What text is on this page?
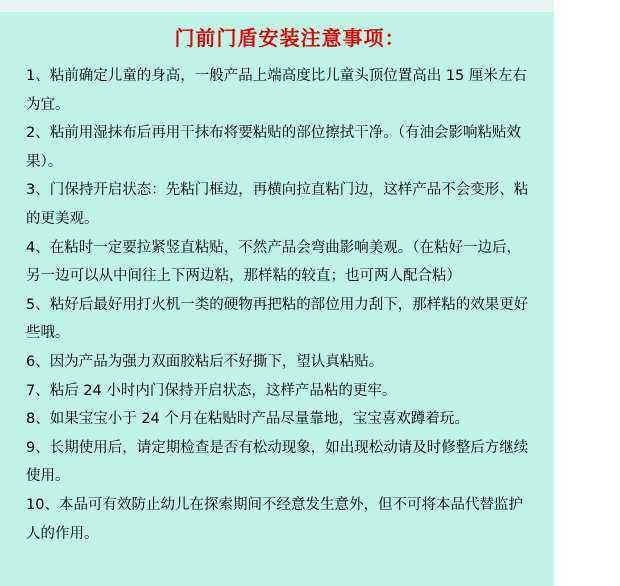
门前门盾安装注意事项：
1、粘前确定儿童的身高，一般产品上端高度比儿童头顶位置高出 15 厘米左右为宜。
2、粘前用湿抹布后再用干抹布将要粘贴的部位擦拭干净。（有油会影响粘贴效果）。
3、门保持开启状态：先粘门框边，再横向拉直粘门边，这样产品不会变形、粘的更美观。
4、在粘时一定要拉紧竖直粘贴，不然产品会弯曲影响美观。（在粘好一边后，另一边可以从中间往上下两边粘，那样粘的较直；也可两人配合粘）
5、粘好后最好用打火机一类的硬物再把粘的部位用力刮下，那样粘的效果更好些哦。
6、因为产品为强力双面胶粘后不好撕下，望认真粘贴。
7、粘后 24 小时内门保持开启状态，这样产品粘的更牢。
8、如果宝宝小于 24 个月在粘贴时产品尽量靠地，宝宝喜欢蹲着玩。
9、长期使用后，请定期检查是否有松动现象，如出现松动请及时修整后方继续使用。
10、本品可有效防止幼儿在探索期间不经意发生意外，但不可将本品代替监护人的作用。
